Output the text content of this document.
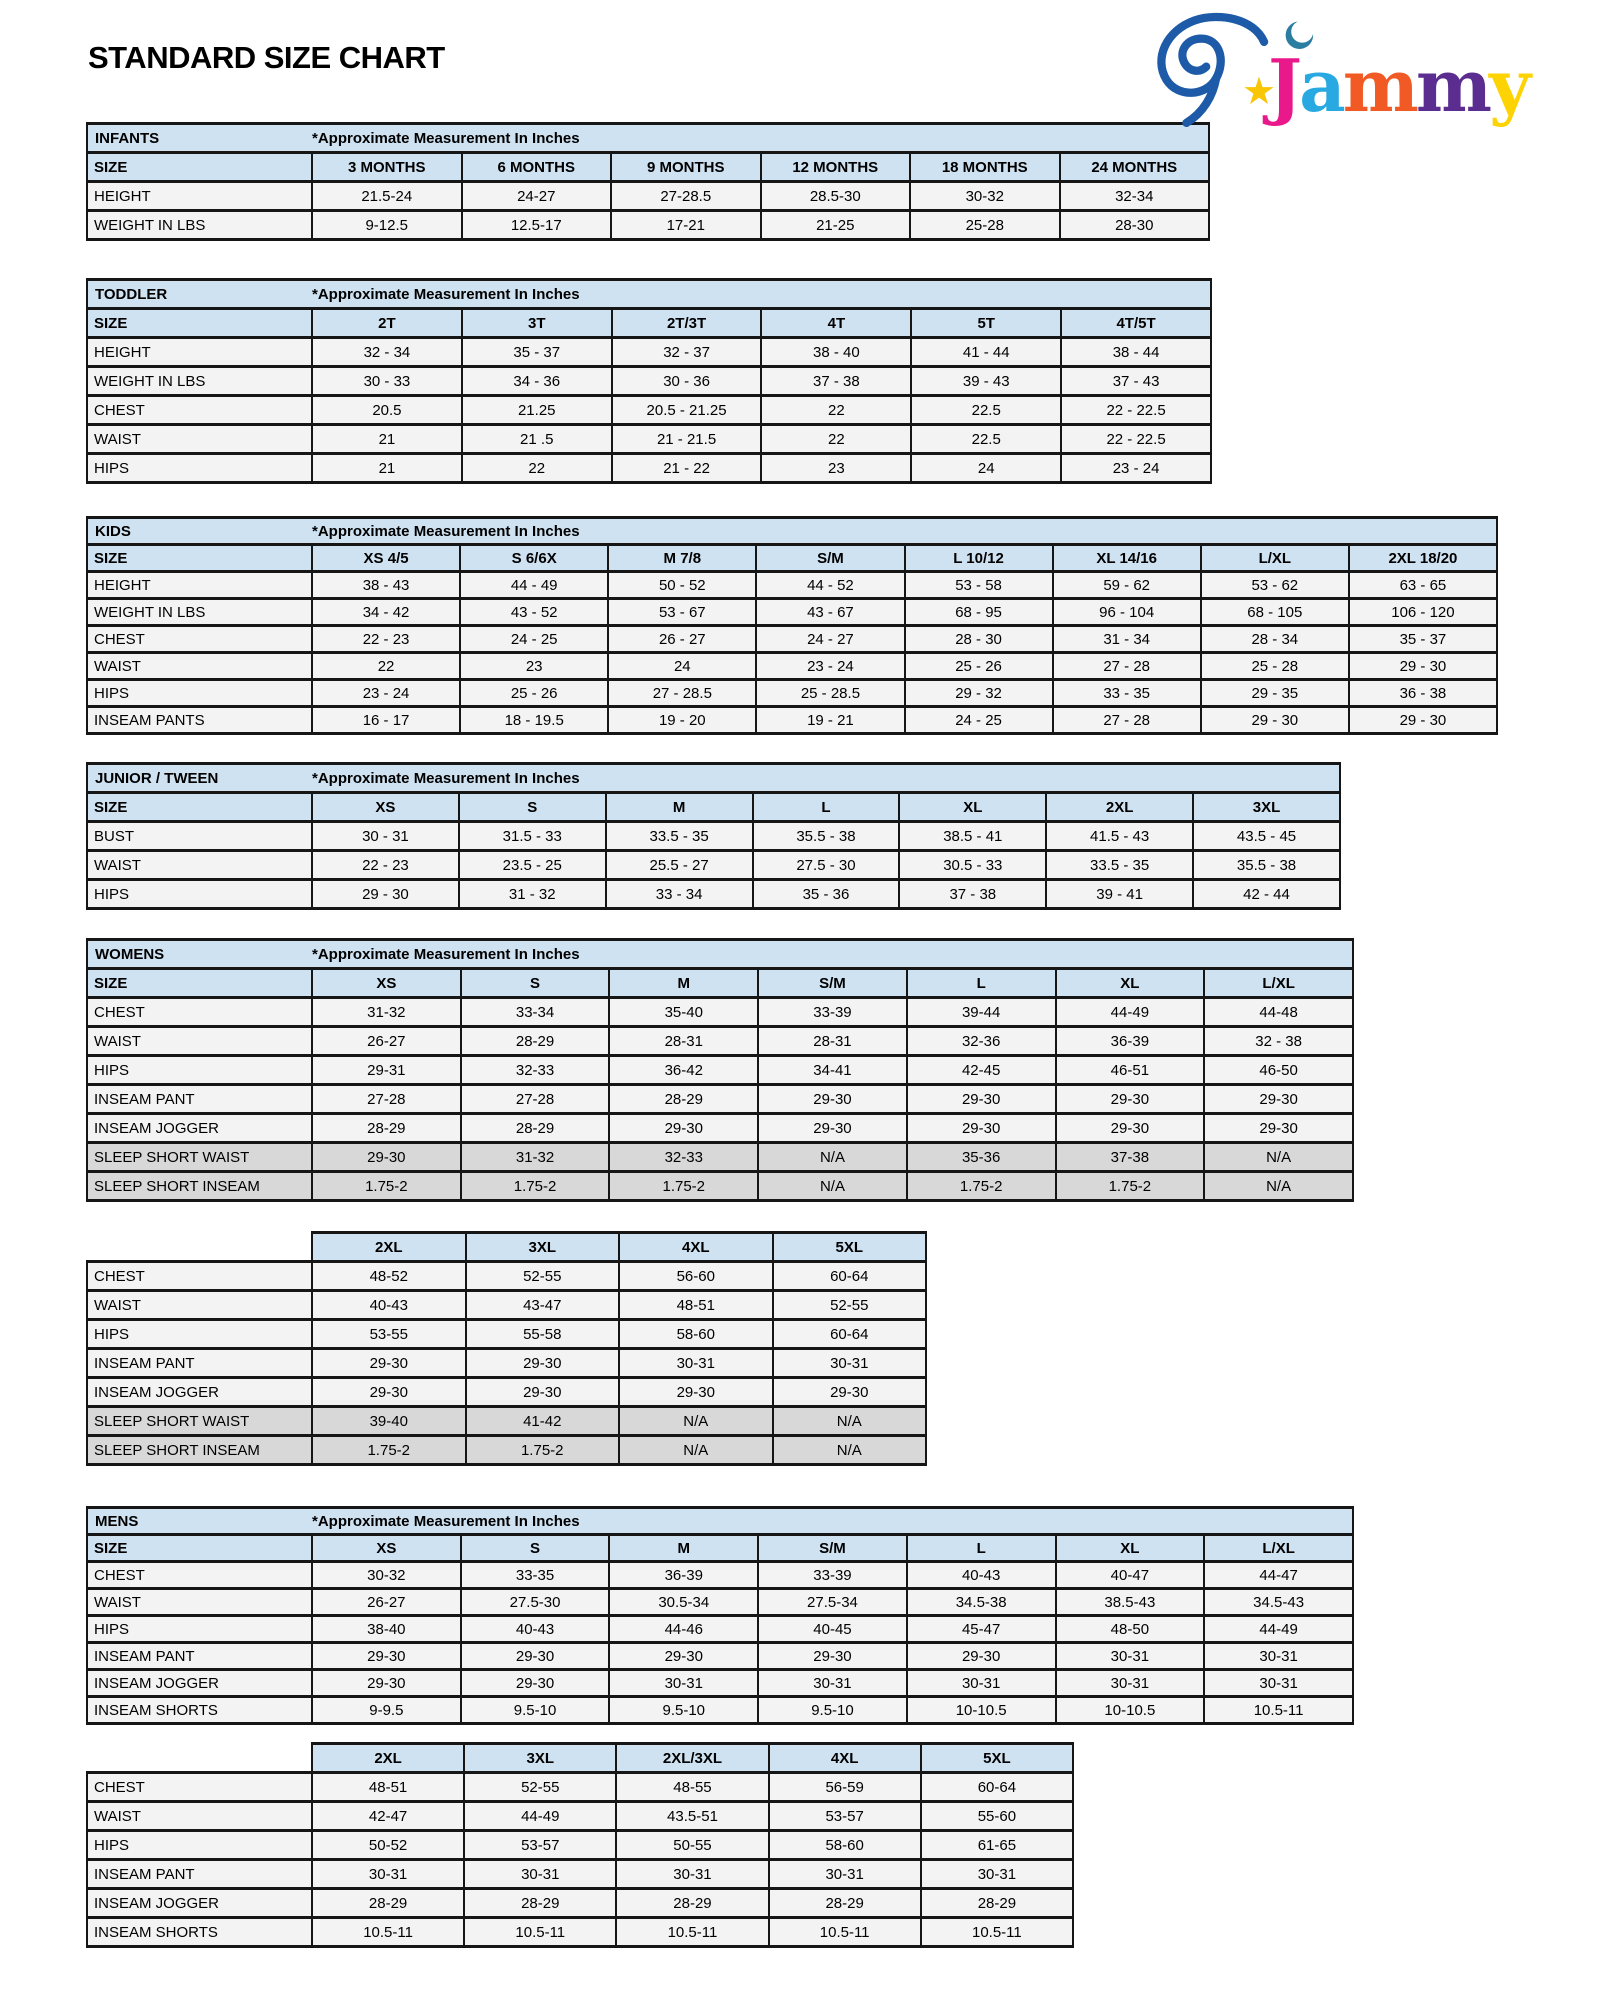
★
Jammy
STANDARD SIZE CHART
INFANTS	*Approximate Measurement In Inches					
SIZE	3 MONTHS	6 MONTHS	9 MONTHS	12 MONTHS	18 MONTHS	24 MONTHS
HEIGHT	21.5-24	24-27	27-28.5	28.5-30	30-32	32-34
WEIGHT IN LBS	9-12.5	12.5-17	17-21	21-25	25-28	28-30
TODDLER	*Approximate Measurement In Inches					
SIZE	2T	3T	2T/3T	4T	5T	4T/5T
HEIGHT	32 - 34	35 - 37	32 - 37	38 - 40	41 - 44	38 - 44
WEIGHT IN LBS	30 - 33	34 - 36	30 - 36	37 - 38	39 - 43	37 - 43
CHEST	20.5	21.25	20.5 - 21.25	22	22.5	22 - 22.5
WAIST	21	21 .5	21 - 21.5	22	22.5	22 - 22.5
HIPS	21	22	21 - 22	23	24	23 - 24
KIDS	*Approximate Measurement In Inches							
SIZE	XS 4/5	S 6/6X	M 7/8	S/M	L 10/12	XL 14/16	L/XL	2XL 18/20
HEIGHT	38 - 43	44 - 49	50 - 52	44 - 52	53 - 58	59 - 62	53 - 62	63 - 65
WEIGHT IN LBS	34 - 42	43 - 52	53 - 67	43 - 67	68 - 95	96 - 104	68 - 105	106 - 120
CHEST	22 - 23	24 - 25	26 - 27	24 - 27	28 - 30	31 - 34	28 - 34	35 - 37
WAIST	22	23	24	23 - 24	25 - 26	27 - 28	25 - 28	29 - 30
HIPS	23 - 24	25 - 26	27 - 28.5	25 - 28.5	29 - 32	33 - 35	29 - 35	36 - 38
INSEAM PANTS	16 - 17	18 - 19.5	19 - 20	19 - 21	24 - 25	27 - 28	29 - 30	29 - 30
JUNIOR / TWEEN	*Approximate Measurement In Inches						
SIZE	XS	S	M	L	XL	2XL	3XL
BUST	30 - 31	31.5 - 33	33.5 - 35	35.5 - 38	38.5 - 41	41.5 - 43	43.5 - 45
WAIST	22 - 23	23.5 - 25	25.5 - 27	27.5 - 30	30.5 - 33	33.5 - 35	35.5 - 38
HIPS	29 - 30	31 - 32	33 - 34	35 - 36	37 - 38	39 - 41	42 - 44
WOMENS	*Approximate Measurement In Inches						
SIZE	XS	S	M	S/M	L	XL	L/XL
CHEST	31-32	33-34	35-40	33-39	39-44	44-49	44-48
WAIST	26-27	28-29	28-31	28-31	32-36	36-39	32 - 38
HIPS	29-31	32-33	36-42	34-41	42-45	46-51	46-50
INSEAM PANT	27-28	27-28	28-29	29-30	29-30	29-30	29-30
INSEAM JOGGER	28-29	28-29	29-30	29-30	29-30	29-30	29-30
SLEEP SHORT WAIST	29-30	31-32	32-33	N/A	35-36	37-38	N/A
SLEEP SHORT INSEAM	1.75-2	1.75-2	1.75-2	N/A	1.75-2	1.75-2	N/A
	2XL	3XL	4XL	5XL
CHEST	48-52	52-55	56-60	60-64
WAIST	40-43	43-47	48-51	52-55
HIPS	53-55	55-58	58-60	60-64
INSEAM PANT	29-30	29-30	30-31	30-31
INSEAM JOGGER	29-30	29-30	29-30	29-30
SLEEP SHORT WAIST	39-40	41-42	N/A	N/A
SLEEP SHORT INSEAM	1.75-2	1.75-2	N/A	N/A
MENS	*Approximate Measurement In Inches						
SIZE	XS	S	M	S/M	L	XL	L/XL
CHEST	30-32	33-35	36-39	33-39	40-43	40-47	44-47
WAIST	26-27	27.5-30	30.5-34	27.5-34	34.5-38	38.5-43	34.5-43
HIPS	38-40	40-43	44-46	40-45	45-47	48-50	44-49
INSEAM PANT	29-30	29-30	29-30	29-30	29-30	30-31	30-31
INSEAM JOGGER	29-30	29-30	30-31	30-31	30-31	30-31	30-31
INSEAM SHORTS	9-9.5	9.5-10	9.5-10	9.5-10	10-10.5	10-10.5	10.5-11
	2XL	3XL	2XL/3XL	4XL	5XL
CHEST	48-51	52-55	48-55	56-59	60-64
WAIST	42-47	44-49	43.5-51	53-57	55-60
HIPS	50-52	53-57	50-55	58-60	61-65
INSEAM PANT	30-31	30-31	30-31	30-31	30-31
INSEAM JOGGER	28-29	28-29	28-29	28-29	28-29
INSEAM SHORTS	10.5-11	10.5-11	10.5-11	10.5-11	10.5-11
